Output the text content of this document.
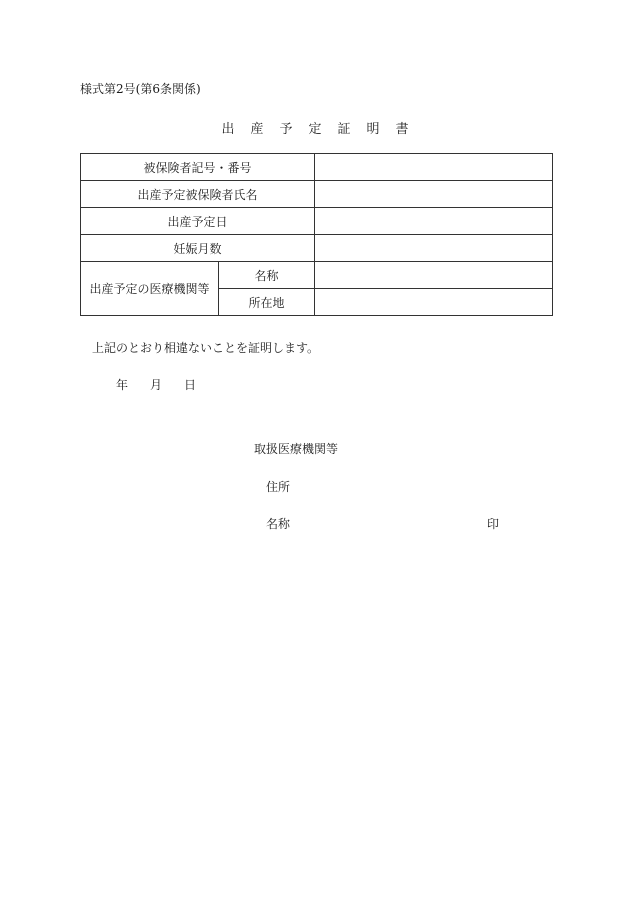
様式第2号(第6条関係)
出産予定証明書
被保険者記号・番号		
出産予定被保険者氏名		
出産予定日		
妊娠月数		
出産予定の医療機関等	名称	
	所在地	
上記のとおり相違ないことを証明します。
年 月 日
取扱医療機関等
住所
名称	印
